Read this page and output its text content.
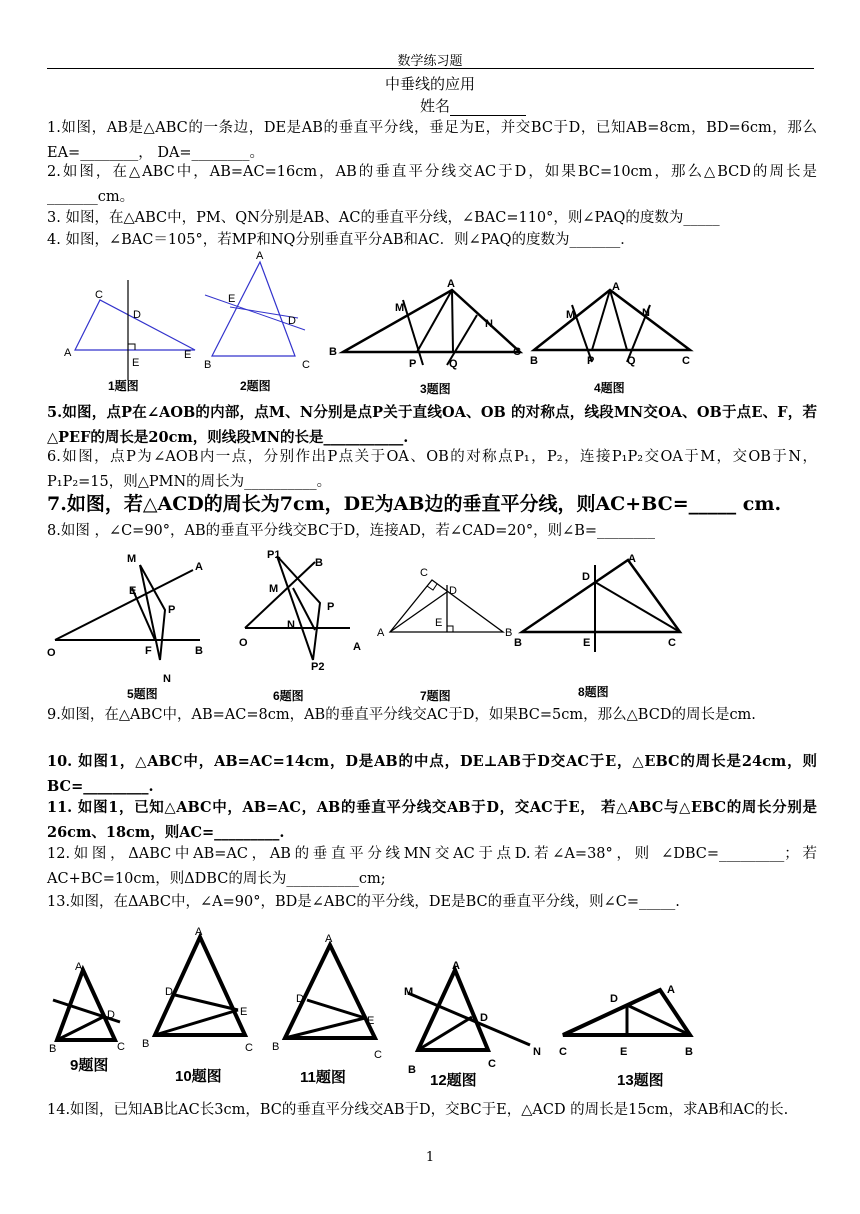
数学练习题
中垂线的应用
姓名
1.如图，AB是△ABC的一条边，DE是AB的垂直平分线，垂足为E，并交BC于D，已知AB=8cm，BD=6cm，那么 EA=________， DA=________。
2.如图，在△ABC中，AB=AC=16cm，AB的垂直平分线交AC于D，如果BC=10cm，那么△BCD的周长是_______cm。
3. 如图，在△ABC中，PM、QN分别是AB、AC的垂直平分线，∠BAC=110°，则∠PAQ的度数为_____
4. 如图，∠BAC＝105°，若MP和NQ分别垂直平分AB和AC．则∠PAQ的度数为_______．
A
C
D
E
E
1题图
A
E
D
B	C
2题图
B
A
M
N
P	Q
C
3题图
B
A
M	N
P	Q	C
4题图
5.如图，点P在∠AOB的内部，点M、N分别是点P关于直线OA、OB 的对称点，线段MN交OA、OB于点E、F，若△PEF的周长是20cm，则线段MN的长是___________.
6.如图，点P为∠AOB内一点，分别作出P点关于OA、OB的对称点P₁，P₂，连接P₁P₂交OA于M，交OB于N，P₁P₂=15，则△PMN的周长为__________。
7.如图，若△ACD的周长为7cm，DE为AB边的垂直平分线，则AC+BC=_____ cm.
8.如图 ，∠C=90°，AB的垂直平分线交BC于D，连接AD，若∠CAD=20°，则∠B=________
M
A
E
P
O	F	B
N
5题图
P1
B
M
P
N
O	A
P2
6题图
C
D
E
A	B
7题图
D
A
B	E	C
8题图
9.如图，在△ABC中，AB=AC=8cm，AB的垂直平分线交AC于D，如果BC=5cm，那么△BCD的周长是cm.
10. 如图1，△ABC中，AB=AC=14cm，D是AB的中点，DE⊥AB于D交AC于E，△EBC的周长是24cm，则BC=_________.
11. 如图1，已知△ABC中，AB=AC，AB的垂直平分线交AB于D，交AC于E， 若△ABC与△EBC的周长分别是26cm、18cm，则AC=_________.
12.如图，ΔABC中AB=AC，AB的垂直平分线MN交AC于点D.若∠A=38°，则 ∠DBC=_________；若AC+BC=10cm，则ΔDBC的周长为__________cm;
13.如图，在ΔABC中，∠A=90°，BD是∠ABC的平分线，DE是BC的垂直平分线，则∠C=_____.
A
D
B	C
9题图
A
D
E
B	C
10题图
A
D
E
B
C
11题图
A
M
D
N
B	C
12题图
D
A
C	E	B
13题图
14.如图，已知AB比AC长3cm，BC的垂直平分线交AB于D，交BC于E，△ACD 的周长是15cm，求AB和AC的长.
1
